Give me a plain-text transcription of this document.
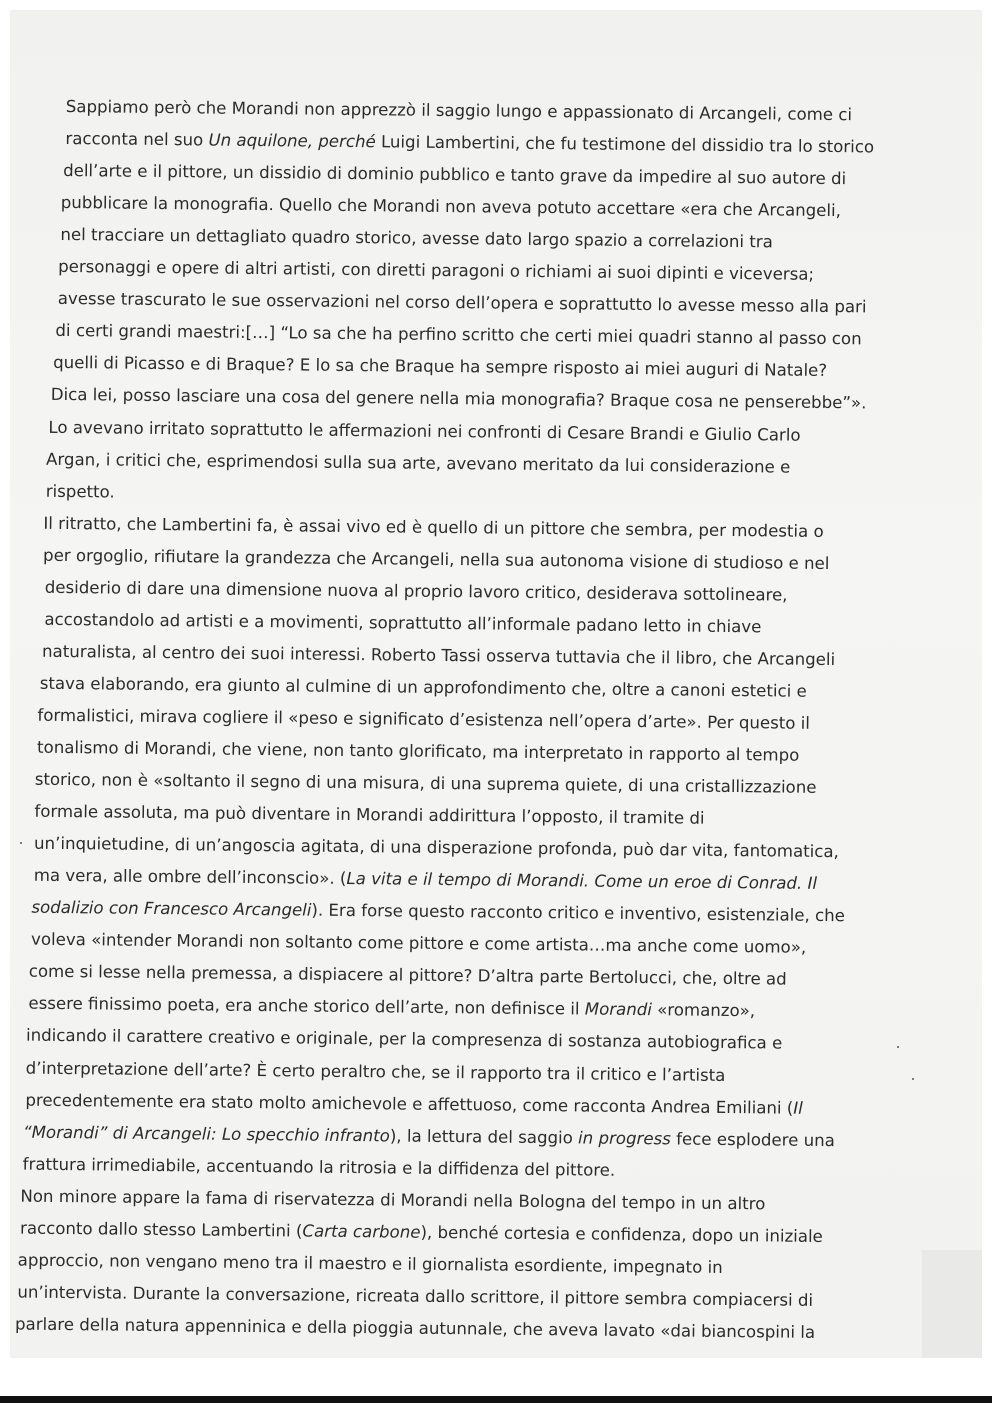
Sappiamo però che Morandi non apprezzò il saggio lungo e appassionato di Arcangeli, come ci
racconta nel suo Un aquilone, perché Luigi Lambertini, che fu testimone del dissidio tra lo storico
dell’arte e il pittore, un dissidio di dominio pubblico e tanto grave da impedire al suo autore di
pubblicare la monografia. Quello che Morandi non aveva potuto accettare «era che Arcangeli,
nel tracciare un dettagliato quadro storico, avesse dato largo spazio a correlazioni tra
personaggi e opere di altri artisti, con diretti paragoni o richiami ai suoi dipinti e viceversa;
avesse trascurato le sue osservazioni nel corso dell’opera e soprattutto lo avesse messo alla pari
di certi grandi maestri:[…] “Lo sa che ha perfino scritto che certi miei quadri stanno al passo con
quelli di Picasso e di Braque? E lo sa che Braque ha sempre risposto ai miei auguri di Natale?
Dica lei, posso lasciare una cosa del genere nella mia monografia? Braque cosa ne penserebbe”».
Lo avevano irritato soprattutto le affermazioni nei confronti di Cesare Brandi e Giulio Carlo
Argan, i critici che, esprimendosi sulla sua arte, avevano meritato da lui considerazione e
rispetto.
Il ritratto, che Lambertini fa, è assai vivo ed è quello di un pittore che sembra, per modestia o
per orgoglio, rifiutare la grandezza che Arcangeli, nella sua autonoma visione di studioso e nel
desiderio di dare una dimensione nuova al proprio lavoro critico, desiderava sottolineare,
accostandolo ad artisti e a movimenti, soprattutto all’informale padano letto in chiave
naturalista, al centro dei suoi interessi. Roberto Tassi osserva tuttavia che il libro, che Arcangeli
stava elaborando, era giunto al culmine di un approfondimento che, oltre a canoni estetici e
formalistici, mirava cogliere il «peso e significato d’esistenza nell’opera d’arte». Per questo il
tonalismo di Morandi, che viene, non tanto glorificato, ma interpretato in rapporto al tempo
storico, non è «soltanto il segno di una misura, di una suprema quiete, di una cristallizzazione
formale assoluta, ma può diventare in Morandi addirittura l’opposto, il tramite di
un’inquietudine, di un’angoscia agitata, di una disperazione profonda, può dar vita, fantomatica,
ma vera, alle ombre dell’inconscio». (La vita e il tempo di Morandi. Come un eroe di Conrad. Il
sodalizio con Francesco Arcangeli). Era forse questo racconto critico e inventivo, esistenziale, che
voleva «intender Morandi non soltanto come pittore e come artista…ma anche come uomo»,
come si lesse nella premessa, a dispiacere al pittore? D’altra parte Bertolucci, che, oltre ad
essere finissimo poeta, era anche storico dell’arte, non definisce il Morandi «romanzo»,
indicando il carattere creativo e originale, per la compresenza di sostanza autobiografica e
d’interpretazione dell’arte? È certo peraltro che, se il rapporto tra il critico e l’artista
precedentemente era stato molto amichevole e affettuoso, come racconta Andrea Emiliani (Il
“Morandi” di Arcangeli: Lo specchio infranto), la lettura del saggio in progress fece esplodere una
frattura irrimediabile, accentuando la ritrosia e la diffidenza del pittore.
Non minore appare la fama di riservatezza di Morandi nella Bologna del tempo in un altro
racconto dallo stesso Lambertini (Carta carbone), benché cortesia e confidenza, dopo un iniziale
approccio, non vengano meno tra il maestro e il giornalista esordiente, impegnato in
un’intervista. Durante la conversazione, ricreata dallo scrittore, il pittore sembra compiacersi di
parlare della natura appenninica e della pioggia autunnale, che aveva lavato «dai biancospini la
